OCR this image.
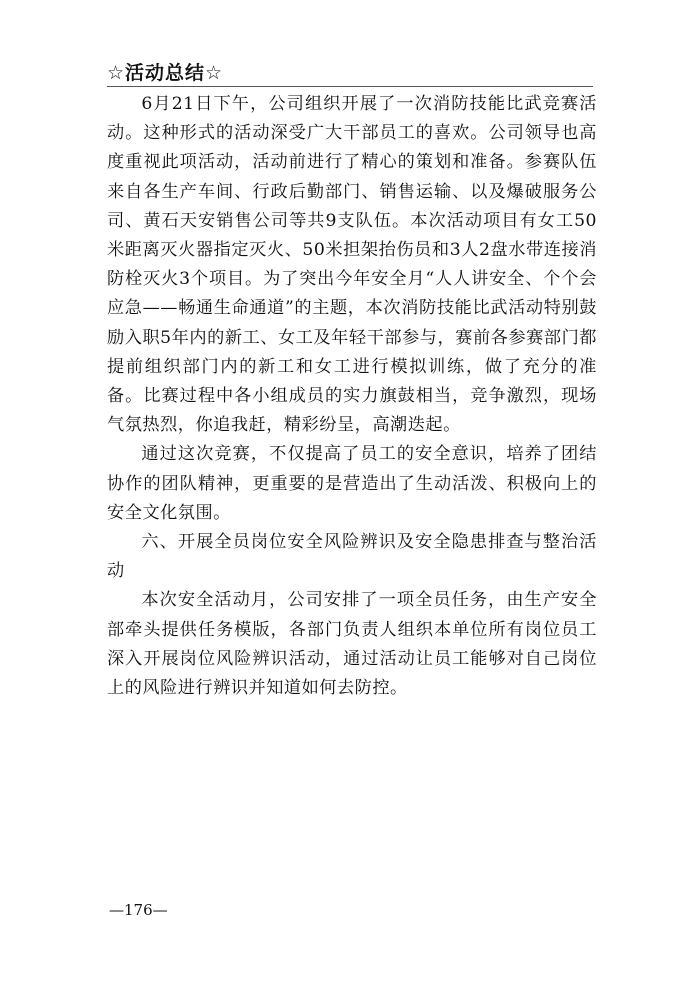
☆活动总结☆

6月21日下午，公司组织开展了一次消防技能比武竞赛活动。这种形式的活动深受广大干部员工的喜欢。公司领导也高度重视此项活动，活动前进行了精心的策划和准备。参赛队伍来自各生产车间、行政后勤部门、销售运输、以及爆破服务公司、黄石天安销售公司等共9支队伍。本次活动项目有女工50米距离灭火器指定灭火、50米担架抬伤员和3人2盘水带连接消防栓灭火3个项目。为了突出今年安全月“人人讲安全、个个会应急——畅通生命通道”的主题，本次消防技能比武活动特别鼓励入职5年内的新工、女工及年轻干部参与，赛前各参赛部门都提前组织部门内的新工和女工进行模拟训练，做了充分的准备。比赛过程中各小组成员的实力旗鼓相当，竞争激烈，现场气氛热烈，你追我赶，精彩纷呈，高潮迭起。

通过这次竞赛，不仅提高了员工的安全意识，培养了团结协作的团队精神，更重要的是营造出了生动活泼、积极向上的安全文化氛围。

六、开展全员岗位安全风险辨识及安全隐患排查与整治活动

本次安全活动月，公司安排了一项全员任务，由生产安全部牵头提供任务模版，各部门负责人组织本单位所有岗位员工深入开展岗位风险辨识活动，通过活动让员工能够对自己岗位上的风险进行辨识并知道如何去防控。

—176—
